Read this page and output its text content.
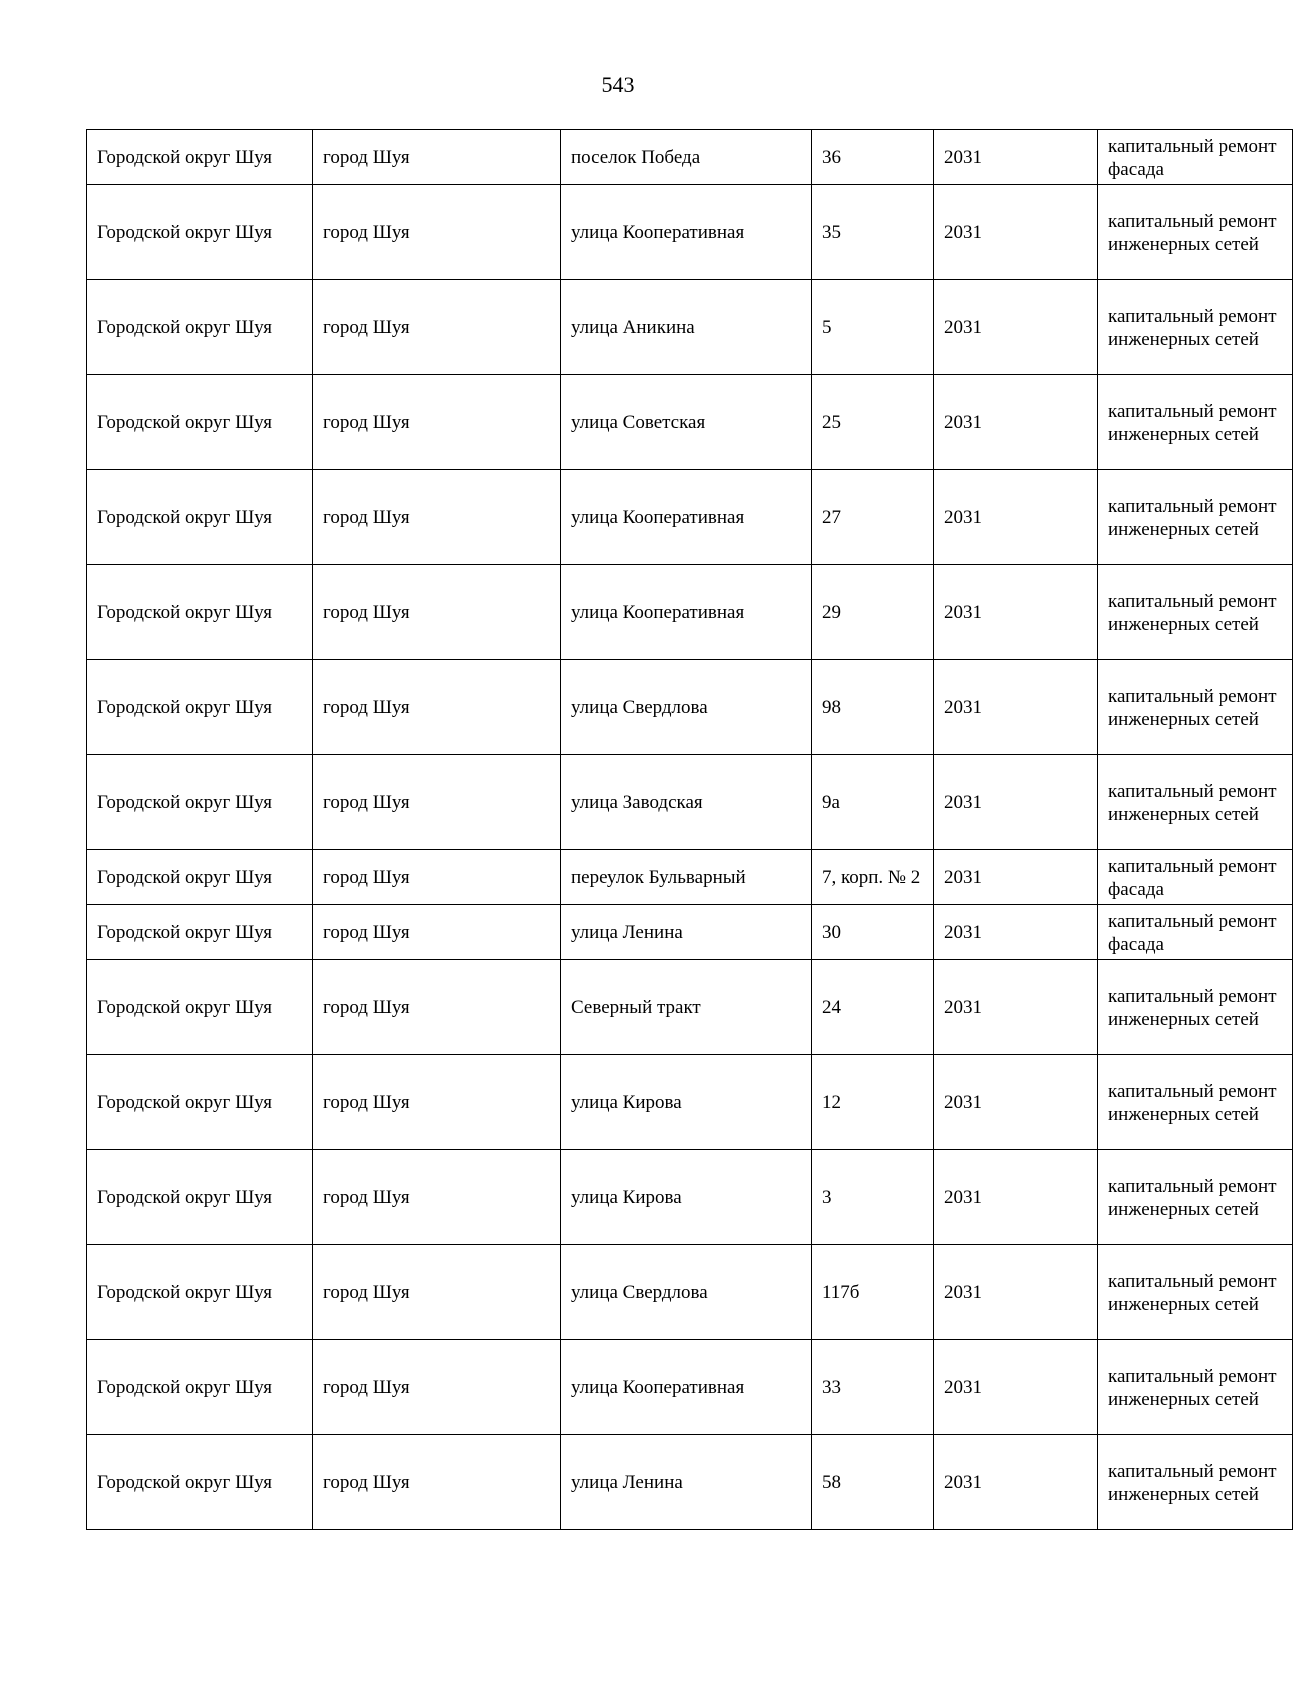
543
Городской округ Шуя	город Шуя	поселок Победа	36	2031	капитальный ремонт фасада
Городской округ Шуя	город Шуя	улица Кооперативная	35	2031	капитальный ремонт инженерных сетей
Городской округ Шуя	город Шуя	улица Аникина	5	2031	капитальный ремонт инженерных сетей
Городской округ Шуя	город Шуя	улица Советская	25	2031	капитальный ремонт инженерных сетей
Городской округ Шуя	город Шуя	улица Кооперативная	27	2031	капитальный ремонт инженерных сетей
Городской округ Шуя	город Шуя	улица Кооперативная	29	2031	капитальный ремонт инженерных сетей
Городской округ Шуя	город Шуя	улица Свердлова	98	2031	капитальный ремонт инженерных сетей
Городской округ Шуя	город Шуя	улица Заводская	9а	2031	капитальный ремонт инженерных сетей
Городской округ Шуя	город Шуя	переулок Бульварный	7, корп. № 2	2031	капитальный ремонт фасада
Городской округ Шуя	город Шуя	улица Ленина	30	2031	капитальный ремонт фасада
Городской округ Шуя	город Шуя	Северный тракт	24	2031	капитальный ремонт инженерных сетей
Городской округ Шуя	город Шуя	улица Кирова	12	2031	капитальный ремонт инженерных сетей
Городской округ Шуя	город Шуя	улица Кирова	3	2031	капитальный ремонт инженерных сетей
Городской округ Шуя	город Шуя	улица Свердлова	117б	2031	капитальный ремонт инженерных сетей
Городской округ Шуя	город Шуя	улица Кооперативная	33	2031	капитальный ремонт инженерных сетей
Городской округ Шуя	город Шуя	улица Ленина	58	2031	капитальный ремонт инженерных сетей
